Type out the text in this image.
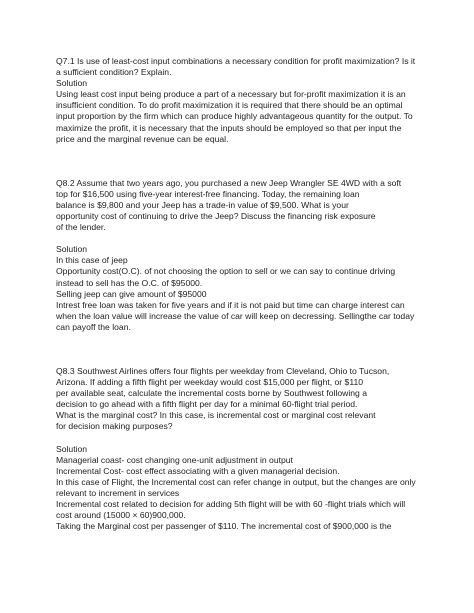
Q7.1 Is use of least-cost input combinations a necessary condition for profit maximization? Is it
a sufficient condition? Explain.
Solution
Using least cost input being produce a part of a necessary but for-profit maximization it is an
insufficient condition. To do profit maximization it is required that there should be an optimal
input proportion by the firm which can produce highly advantageous quantity for the output. To
maximize the profit, it is necessary that the inputs should be employed so that per input the
price and the marginal revenue can be equal.
Q8.2 Assume that two years ago, you purchased a new Jeep Wrangler SE 4WD with a soft
top for $16,500 using five-year interest-free financing. Today, the remaining loan
balance is $9,800 and your Jeep has a trade-in value of $9,500. What is your
opportunity cost of continuing to drive the Jeep? Discuss the financing risk exposure
of the lender.
Solution
In this case of jeep
Opportunity cost(O.C). of not choosing the option to sell or we can say to continue driving
instead to sell has the O.C. of $95000.
Selling jeep can give amount of $95000
Intrest free loan was taken for five years and if it is not paid but time can charge interest can
when the loan value will increase the value of car will keep on decressing. Sellingthe car today
can payoff the loan.
Q8.3 Southwest Airlines offers four flights per weekday from Cleveland, Ohio to Tucson,
Arizona. If adding a fifth flight per weekday would cost $15,000 per flight, or $110
per available seat, calculate the incremental costs borne by Southwest following a
decision to go ahead with a fifth flight per day for a minimal 60-flight trial period.
What is the marginal cost? In this case, is incremental cost or marginal cost relevant
for decision making purposes?
Solution
Managerial coast- cost changing one-unit adjustment in output
Incremental Cost- cost effect associating with a given managerial decision.
In this case of Flight, the Incremental cost can refer change in output, but the changes are only
relevant to increment in services
Incremental cost related to decision for adding 5th flight will be with 60 -flight trials which will
cost around (15000 × 60)900,000.
Taking the Marginal cost per passenger of $110. The incremental cost of $900,000 is the
